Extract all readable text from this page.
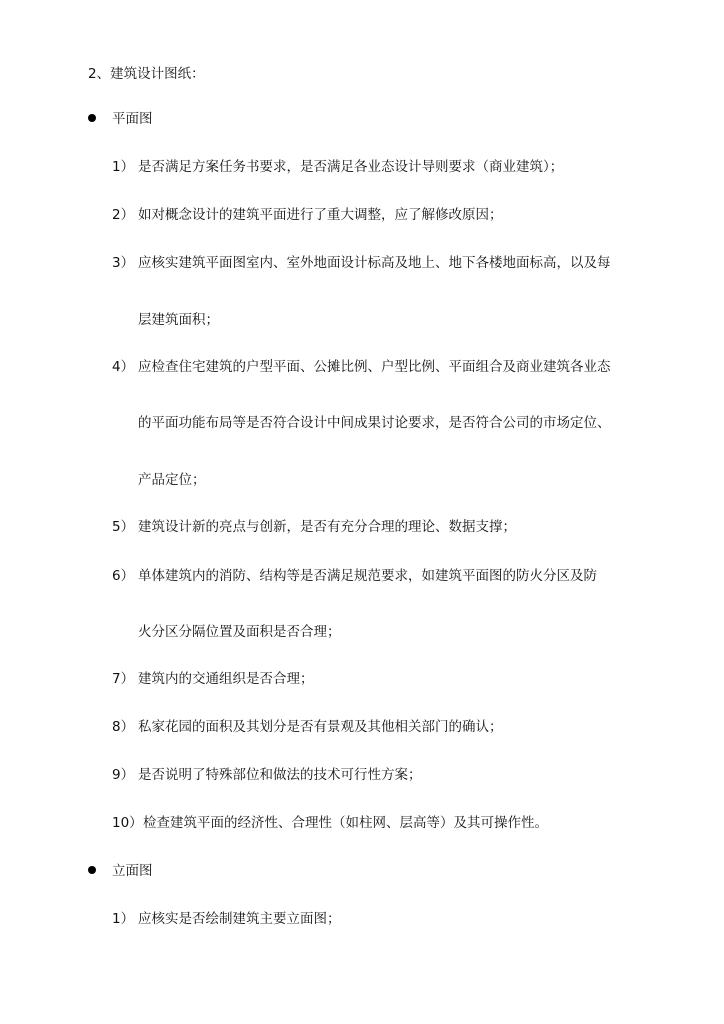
2、建筑设计图纸：
平面图
1） 是否满足方案任务书要求，是否满足各业态设计导则要求（商业建筑）；
2） 如对概念设计的建筑平面进行了重大调整，应了解修改原因；
3） 应核实建筑平面图室内、室外地面设计标高及地上、地下各楼地面标高，以及每
层建筑面积；
4） 应检查住宅建筑的户型平面、公摊比例、户型比例、平面组合及商业建筑各业态
的平面功能布局等是否符合设计中间成果讨论要求，是否符合公司的市场定位、
产品定位；
5） 建筑设计新的亮点与创新，是否有充分合理的理论、数据支撑；
6） 单体建筑内的消防、结构等是否满足规范要求，如建筑平面图的防火分区及防
火分区分隔位置及面积是否合理；
7） 建筑内的交通组织是否合理；
8） 私家花园的面积及其划分是否有景观及其他相关部门的确认；
9） 是否说明了特殊部位和做法的技术可行性方案；
10） 检查建筑平面的经济性、合理性（如柱网、层高等）及其可操作性。
立面图
1） 应核实是否绘制建筑主要立面图；
